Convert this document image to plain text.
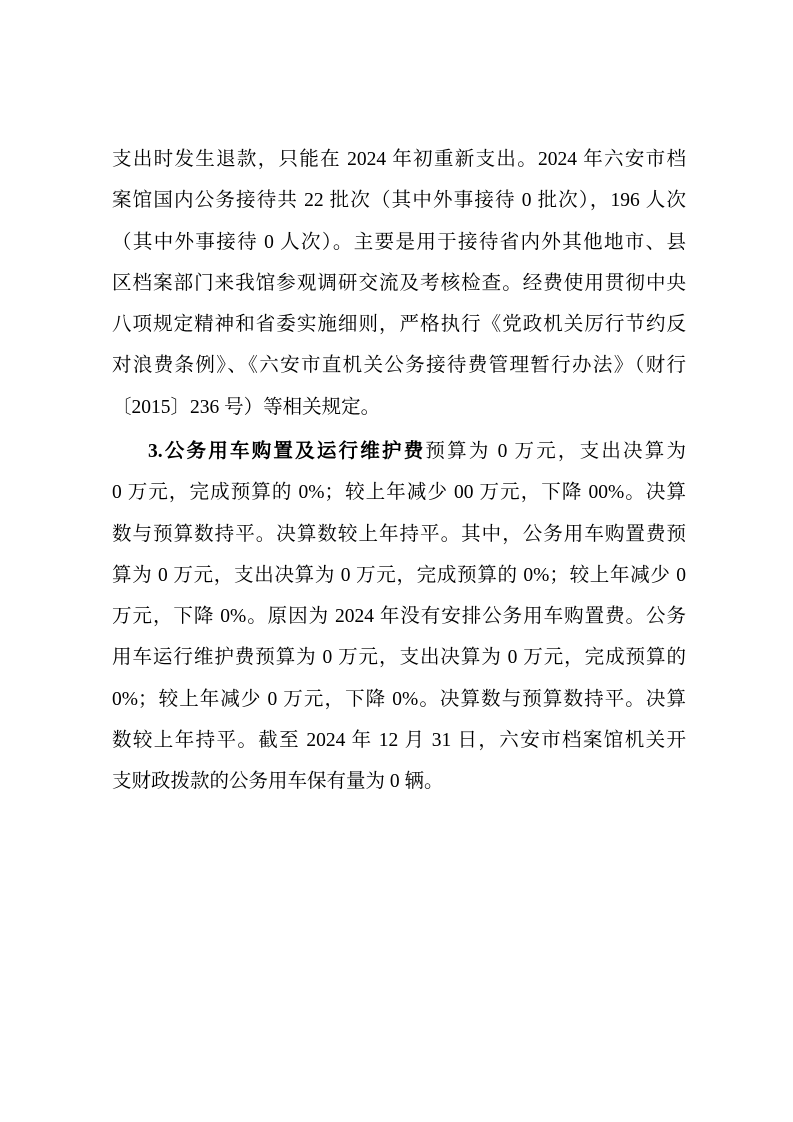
支出时发生退款，只能在 2024 年初重新支出。2024 年六安市档
案馆国内公务接待共 22 批次（其中外事接待 0 批次），196 人次
（其中外事接待 0 人次）。主要是用于接待省内外其他地市、县
区档案部门来我馆参观调研交流及考核检查。经费使用贯彻中央
八项规定精神和省委实施细则，严格执行《党政机关厉行节约反
对浪费条例》、《六安市直机关公务接待费管理暂行办法》（财行
〔2015〕236 号）等相关规定。
3.公务用车购置及运行维护费预算为 0 万元，支出决算为
0 万元，完成预算的 0%；较上年减少 00 万元，下降 00%。决算
数与预算数持平。决算数较上年持平。其中，公务用车购置费预
算为 0 万元，支出决算为 0 万元，完成预算的 0%；较上年减少 0
万元，下降 0%。原因为 2024 年没有安排公务用车购置费。公务
用车运行维护费预算为 0 万元，支出决算为 0 万元，完成预算的
0%；较上年减少 0 万元，下降 0%。决算数与预算数持平。决算
数较上年持平。截至 2024 年 12 月 31 日，六安市档案馆机关开
支财政拨款的公务用车保有量为 0 辆。
